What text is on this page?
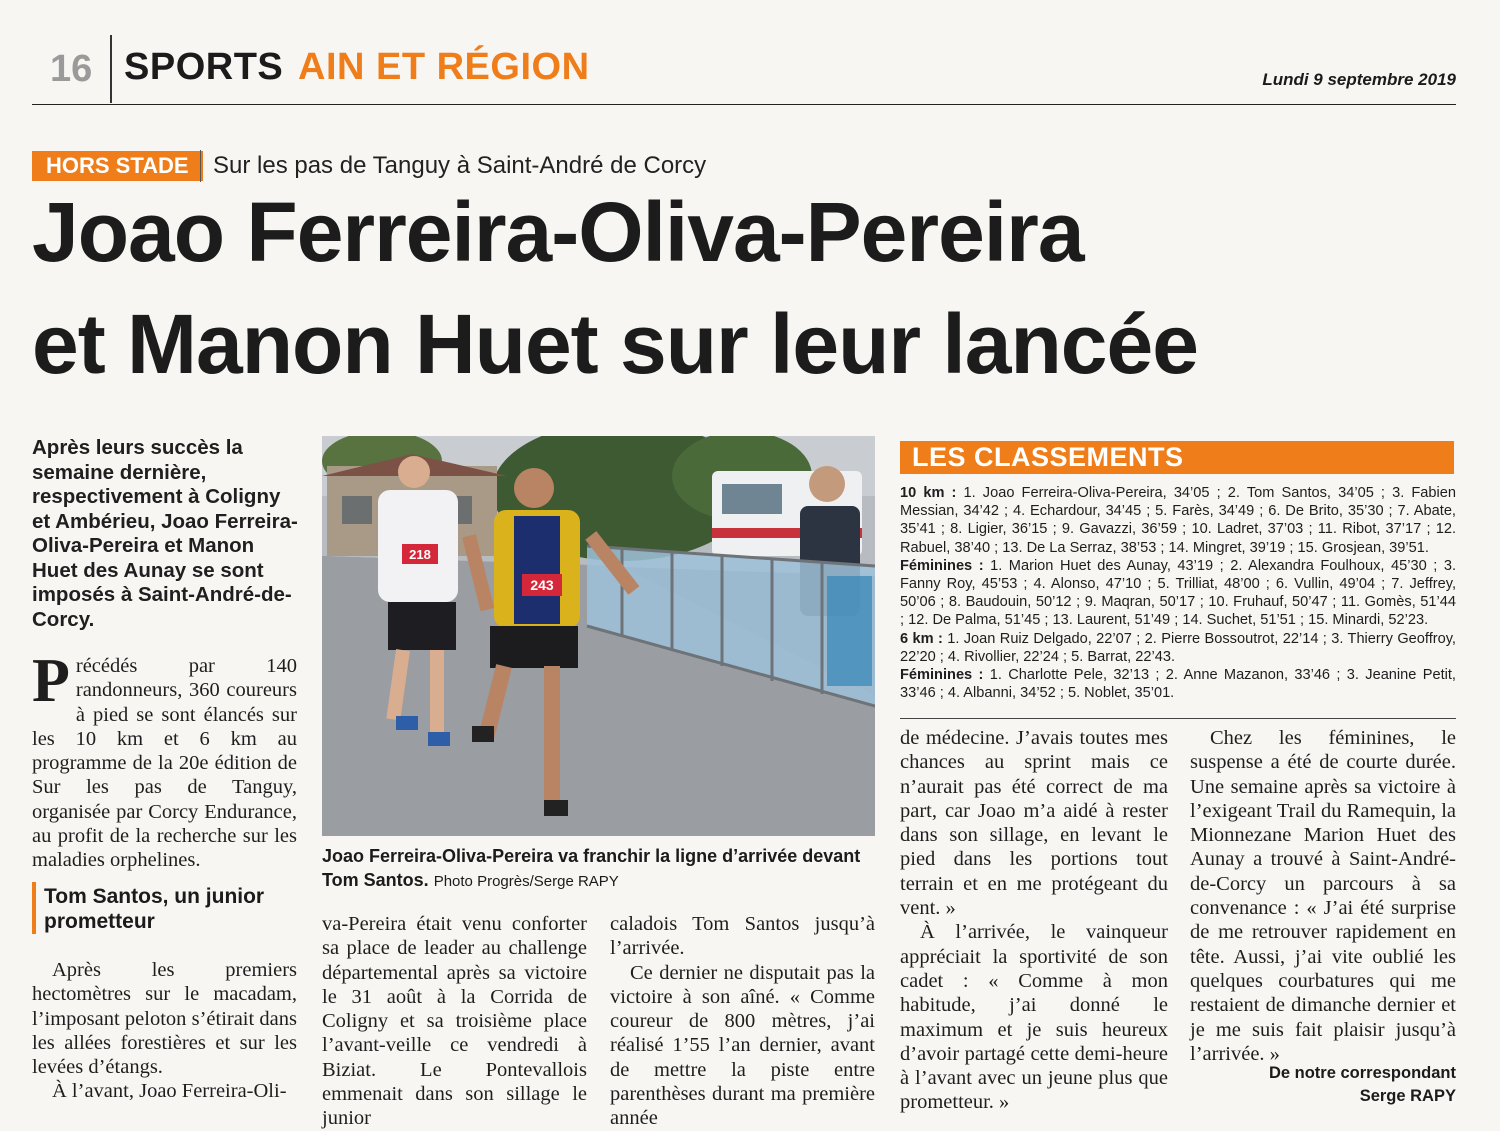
16 SPORTS AIN ET RÉGION	Lundi 9 septembre 2019
HORS STADE	Sur les pas de Tanguy à Saint-André de Corcy
Joao Ferreira-Oliva-Pereira
et Manon Huet sur leur lancée
Après leurs succès la semaine dernière, respectivement à Coligny et Ambérieu, Joao Ferreira-Oliva-Pereira et Manon Huet des Aunay se sont imposés à Saint-André-de-Corcy.
Précédés par 140 randonneurs, 360 coureurs à pied se sont élancés sur les 10 km et 6 km au programme de la 20e édition de Sur les pas de Tanguy, organisée par Corcy Endurance, au profit de la recherche sur les maladies orphelines.
Tom Santos, un junior prometteur

Après les premiers hectomètres sur le macadam, l’imposant peloton s’étirait dans les allées forestières et sur les levées d’étangs.

À l’avant, Joao Ferreira-Oli-

218
243
Joao Ferreira-Oliva-Pereira va franchir la ligne d’arrivée devant Tom Santos. Photo Progrès/Serge RAPY

va-Pereira était venu conforter sa place de leader au challenge départemental après sa victoire le 31 août à la Corrida de Coligny et sa troisième place l’avant-veille ce vendredi à Biziat. Le Pontevallois emmenait dans son sillage le junior

caladois Tom Santos jusqu’à l’arrivée.

Ce dernier ne disputait pas la victoire à son aîné. « Comme coureur de 800 mètres, j’ai réalisé 1’55 l’an dernier, avant de mettre la piste entre parenthèses durant ma première année

LES CLASSEMENTS

10 km : 1. Joao Ferreira-Oliva-Pereira, 34’05 ; 2. Tom Santos, 34’05 ; 3. Fabien Messian, 34’42 ; 4. Echardour, 34’45 ; 5. Farès, 34’49 ; 6. De Brito, 35’30 ; 7. Abate, 35’41 ; 8. Ligier, 36’15 ; 9. Gavazzi, 36’59 ; 10. Ladret, 37’03 ; 11. Ribot, 37’17 ; 12. Rabuel, 38’40 ; 13. De La Serraz, 38’53 ; 14. Mingret, 39’19 ; 15. Grosjean, 39’51.

Féminines : 1. Marion Huet des Aunay, 43’19 ; 2. Alexandra Foulhoux, 45’30 ; 3. Fanny Roy, 45’53 ; 4. Alonso, 47’10 ; 5. Trilliat, 48’00 ; 6. Vullin, 49’04 ; 7. Jeffrey, 50’06 ; 8. Baudouin, 50’12 ; 9. Maqran, 50’17 ; 10. Fruhauf, 50’47 ; 11. Gomès, 51’44 ; 12. De Palma, 51’45 ; 13. Laurent, 51’49 ; 14. Suchet, 51’51 ; 15. Minardi, 52’23.

6 km : 1. Joan Ruiz Delgado, 22’07 ; 2. Pierre Bossoutrot, 22’14 ; 3. Thierry Geoffroy, 22’20 ; 4. Rivollier, 22’24 ; 5. Barrat, 22’43.

Féminines : 1. Charlotte Pele, 32’13 ; 2. Anne Mazanon, 33’46 ; 3. Jeanine Petit, 33’46 ; 4. Albanni, 34’52 ; 5. Noblet, 35’01.

de médecine. J’avais toutes mes chances au sprint mais ce n’aurait pas été correct de ma part, car Joao m’a aidé à rester dans son sillage, en levant le pied dans les portions tout terrain et en me protégeant du vent. »

À l’arrivée, le vainqueur appréciait la sportivité de son cadet : « Comme à mon habitude, j’ai donné le maximum et je suis heureux d’avoir partagé cette demi-heure à l’avant avec un jeune plus que prometteur. »

Chez les féminines, le suspense a été de courte durée. Une semaine après sa victoire à l’exigeant Trail du Ramequin, la Mionnezane Marion Huet des Aunay a trouvé à Saint-André-de-Corcy un parcours à sa convenance : « J’ai été surprise de me retrouver rapidement en tête. Aussi, j’ai vite oublié les quelques courbatures qui me restaient de dimanche dernier et je me suis fait plaisir jusqu’à l’arrivée. »

De notre correspondant
Serge RAPY
